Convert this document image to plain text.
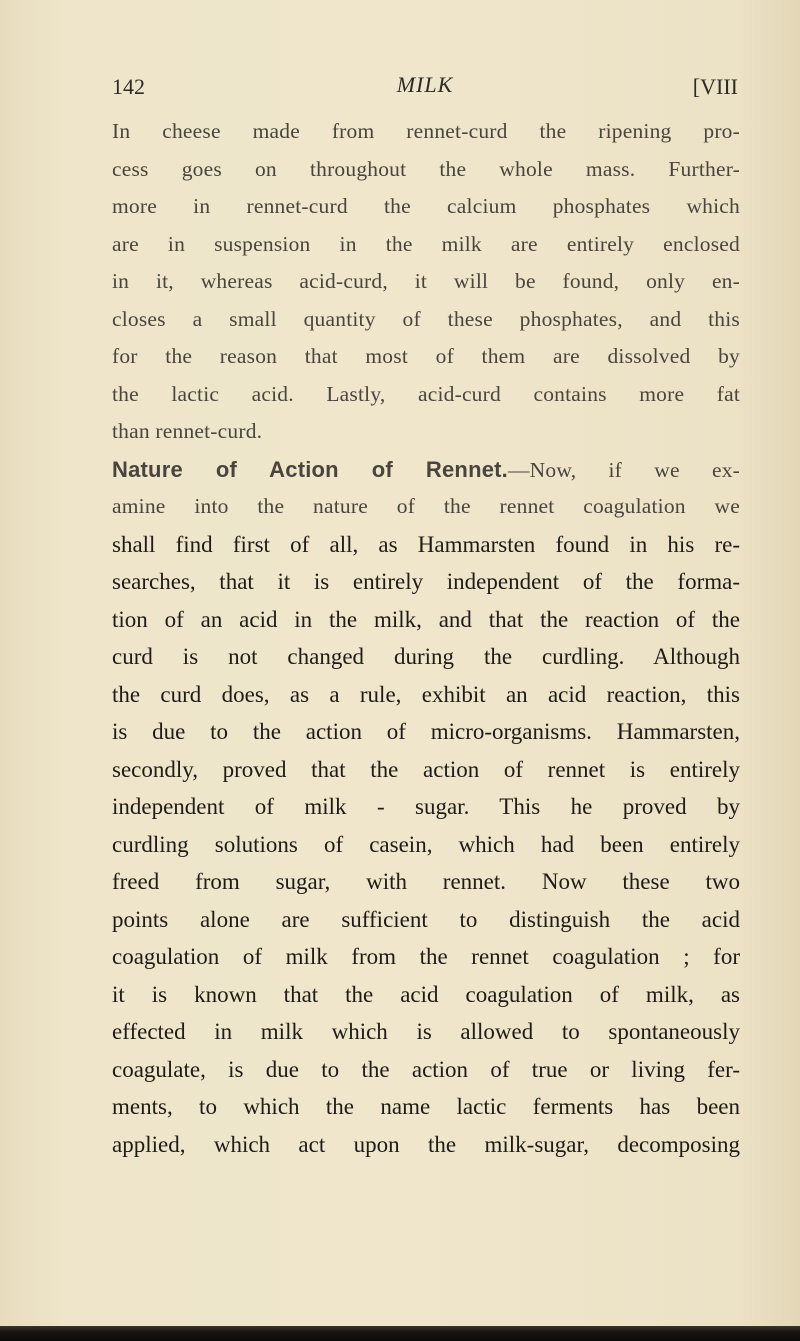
142	MILK	[VIII
In cheese made from rennet-curd the ripening pro-
cess goes on throughout the whole mass. Further-
more in rennet-curd the calcium phosphates which
are in suspension in the milk are entirely enclosed
in it, whereas acid-curd, it will be found, only en-
closes a small quantity of these phosphates, and this
for the reason that most of them are dissolved by
the lactic acid. Lastly, acid-curd contains more fat
than rennet-curd.
Nature of Action of Rennet.—Now, if we ex-
amine into the nature of the rennet coagulation we
shall find first of all, as Hammarsten found in his re-
searches, that it is entirely independent of the forma-
tion of an acid in the milk, and that the reaction of the
curd is not changed during the curdling. Although
the curd does, as a rule, exhibit an acid reaction, this
is due to the action of micro-organisms. Hammarsten,
secondly, proved that the action of rennet is entirely
independent of milk - sugar. This he proved by
curdling solutions of casein, which had been entirely
freed from sugar, with rennet. Now these two
points alone are sufficient to distinguish the acid
coagulation of milk from the rennet coagulation ; for
it is known that the acid coagulation of milk, as
effected in milk which is allowed to spontaneously
coagulate, is due to the action of true or living fer-
ments, to which the name lactic ferments has been
applied, which act upon the milk-sugar, decomposing
